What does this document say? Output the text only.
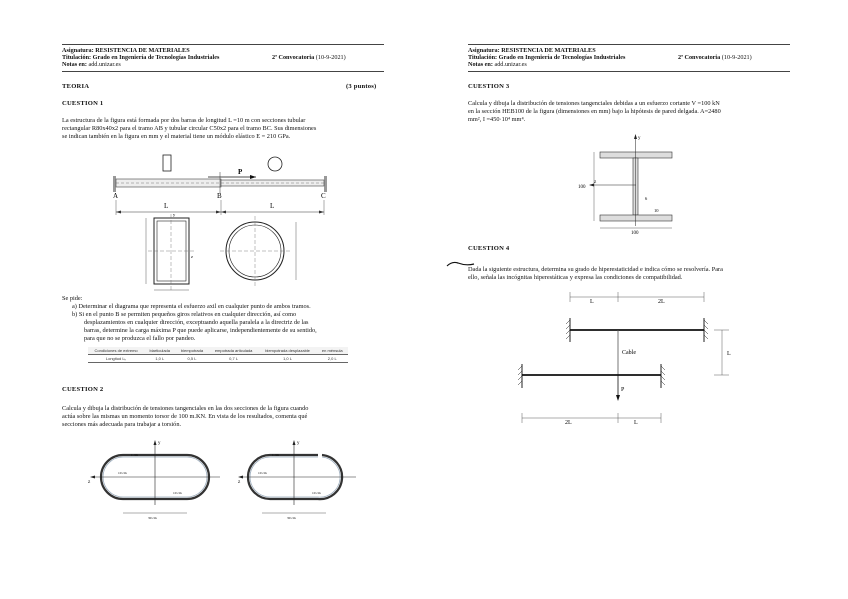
Asignatura: RESISTENCIA DE MATERIALES
Titulación: Grado en Ingeniería de Tecnologías Industriales
Notas en: add.unizar.es
2ª Convocatoria (10-9-2021)
TEORIA	(3 puntos)
CUESTION 1
La estructura de la figura está formada por dos barras de longitud L =10 m con secciones tubular
rectangular R80x40x2 para el tramo AB y tubular circular C50x2 para el tramo BC. Sus dimensiones
se indican también en la figura en mm y el material tiene un módulo elástico E = 210 GPa.
P
A	B	C
L	L
y
z
Se pide:
a) Determinar el diagrama que representa el esfuerzo axil en cualquier punto de ambos tramos.
b) Si en el punto B se permiten pequeños giros relativos en cualquier dirección, así como
desplazamientos en cualquier dirección, exceptuando aquella paralela a la directriz de las
barras, determine la carga máxima P que puede aplicarse, independientemente de su sentido,
para que no se produzca el fallo por pandeo.
Condiciones de extremo	biarticulada	biempotrada	empotrada articulada	biempotrada desplazable	en ménsula
Longitud Lₖ	1,0 L	0,5 L	0,7 L	1,0 L	2,0 L
CUESTION 2
Calcula y dibuja la distribución de tensiones tangenciales en las dos secciones de la figura cuando
actúa sobre las mismas un momento torsor de 100 m.KN. En vista de los resultados, comenta qué
secciones más adecuada para trabajar a torsión.
y
z
1 cm
10 cm
10 cm
30 cm
y
z
1 cm
10 cm
10 cm
30 cm
Asignatura: RESISTENCIA DE MATERIALES
Titulación: Grado en Ingeniería de Tecnologías Industriales
Notas en: add.unizar.es
2ª Convocatoria (10-9-2021)
CUESTION 3
Calcula y dibuja la distribución de tensiones tangenciales debidas a un esfuerzo cortante V =100 kN
en la sección HEB100 de la figura (dimensiones en mm) bajo la hipótesis de pared delgada. A=2480
mm², I =450·10⁴ mm⁴.
y
z
100
100
6
10
CUESTION 4
Dada la siguiente estructura, determina su grado de hiperestaticidad e indica cómo se resolvería. Para
ello, señala las incógnitas hiperestáticas y expresa las condiciones de compatibilidad.
L	2L
Cable	L
P
2L	L
